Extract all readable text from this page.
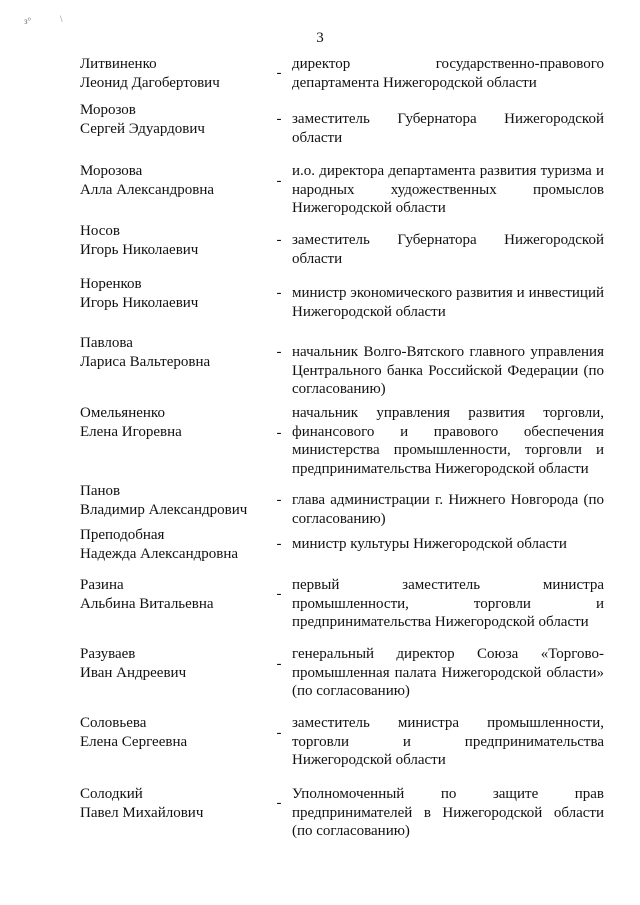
з°	\
3
Литвиненко
Леонид Дагобертович
-
директор государственно-правового департамента Нижегородской области
Морозов
Сергей Эдуардович
- заместитель Губернатора Нижегородской области
Морозова
Алла Александровна
-
и.о. директора департамента развития туризма и народных художественных промыслов Нижегородской области
Носов
Игорь Николаевич
- заместитель Губернатора Нижегородской области
Норенков
Игорь Николаевич
- министр экономического развития и инвестиций Нижегородской области
Павлова
Лариса Вальтеровна
- начальник Волго-Вятского главного управления Центрального банка Российской Федерации (по согласованию)
Омельяненко
Елена Игоревна	-
начальник управления развития торговли, финансового и правового обеспечения министерства промышленности, торговли и предпринимательства Нижегородской области
Панов
Владимир Александрович
- глава администрации г. Нижнего Новгорода (по согласованию)
Преподобная
Надежда Александровна
- министр культуры Нижегородской области
Разина
Альбина Витальевна
-
первый заместитель министра промышленности, торговли и предпринимательства Нижегородской области
Разуваев
Иван Андреевич
-
генеральный директор Союза «Торгово-промышленная палата Нижегородской области» (по согласованию)
Соловьева
Елена Сергеевна
-
заместитель министра промышленности, торговли и предпринимательства Нижегородской области
Солодкий
Павел Михайлович
-
Уполномоченный по защите прав предпринимателей в Нижегородской области (по согласованию)
